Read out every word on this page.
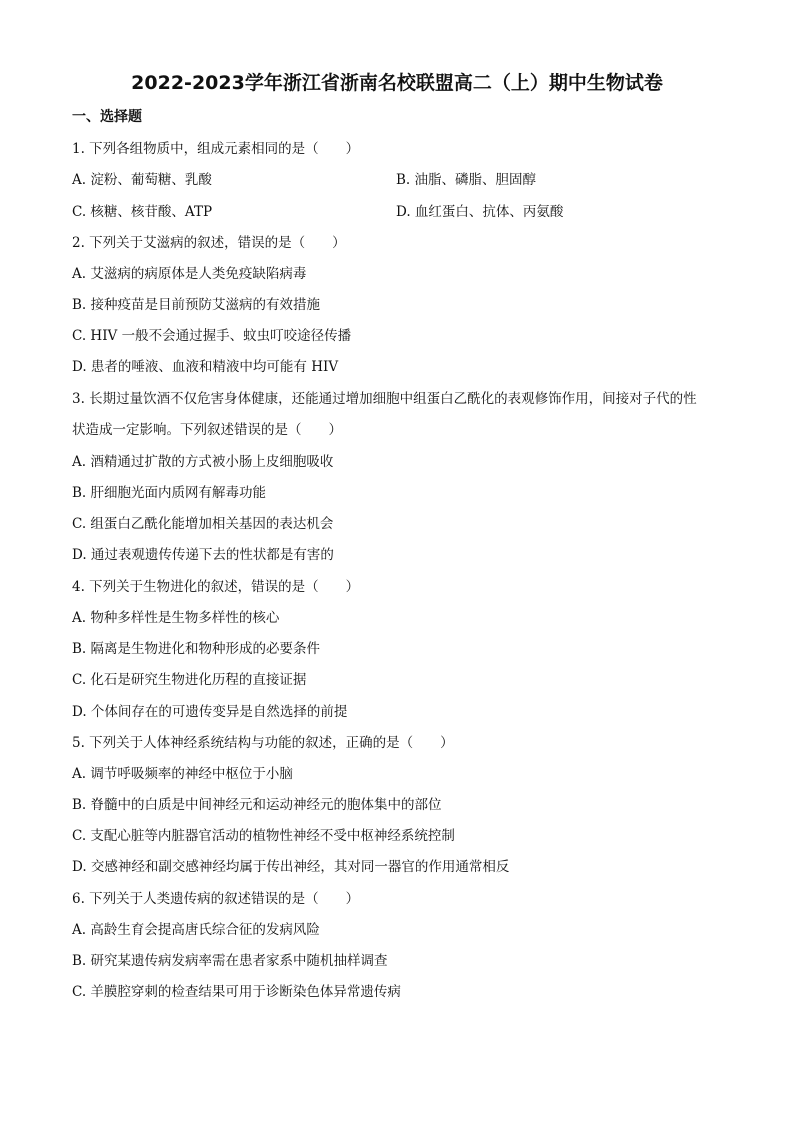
2022-2023学年浙江省浙南名校联盟高二（上）期中生物试卷
一、选择题
1. 下列各组物质中，组成元素相同的是（　　）
A. 淀粉、葡萄糖、乳酸	B. 油脂、磷脂、胆固醇
C. 核糖、核苷酸、ATP	D. 血红蛋白、抗体、丙氨酸
2. 下列关于艾滋病的叙述，错误的是（　　）
A. 艾滋病的病原体是人类免疫缺陷病毒
B. 接种疫苗是目前预防艾滋病的有效措施
C. HIV 一般不会通过握手、蚊虫叮咬途径传播
D. 患者的唾液、血液和精液中均可能有 HIV
3. 长期过量饮酒不仅危害身体健康，还能通过增加细胞中组蛋白乙酰化的表观修饰作用，间接对子代的性
状造成一定影响。下列叙述错误的是（　　）
A. 酒精通过扩散的方式被小肠上皮细胞吸收
B. 肝细胞光面内质网有解毒功能
C. 组蛋白乙酰化能增加相关基因的表达机会
D. 通过表观遗传传递下去的性状都是有害的
4. 下列关于生物进化的叙述，错误的是（　　）
A. 物种多样性是生物多样性的核心
B. 隔离是生物进化和物种形成的必要条件
C. 化石是研究生物进化历程的直接证据
D. 个体间存在的可遗传变异是自然选择的前提
5. 下列关于人体神经系统结构与功能的叙述，正确的是（　　）
A. 调节呼吸频率的神经中枢位于小脑
B. 脊髓中的白质是中间神经元和运动神经元的胞体集中的部位
C. 支配心脏等内脏器官活动的植物性神经不受中枢神经系统控制
D. 交感神经和副交感神经均属于传出神经，其对同一器官的作用通常相反
6. 下列关于人类遗传病的叙述错误的是（　　）
A. 高龄生育会提高唐氏综合征的发病风险
B. 研究某遗传病发病率需在患者家系中随机抽样调查
C. 羊膜腔穿刺的检查结果可用于诊断染色体异常遗传病
